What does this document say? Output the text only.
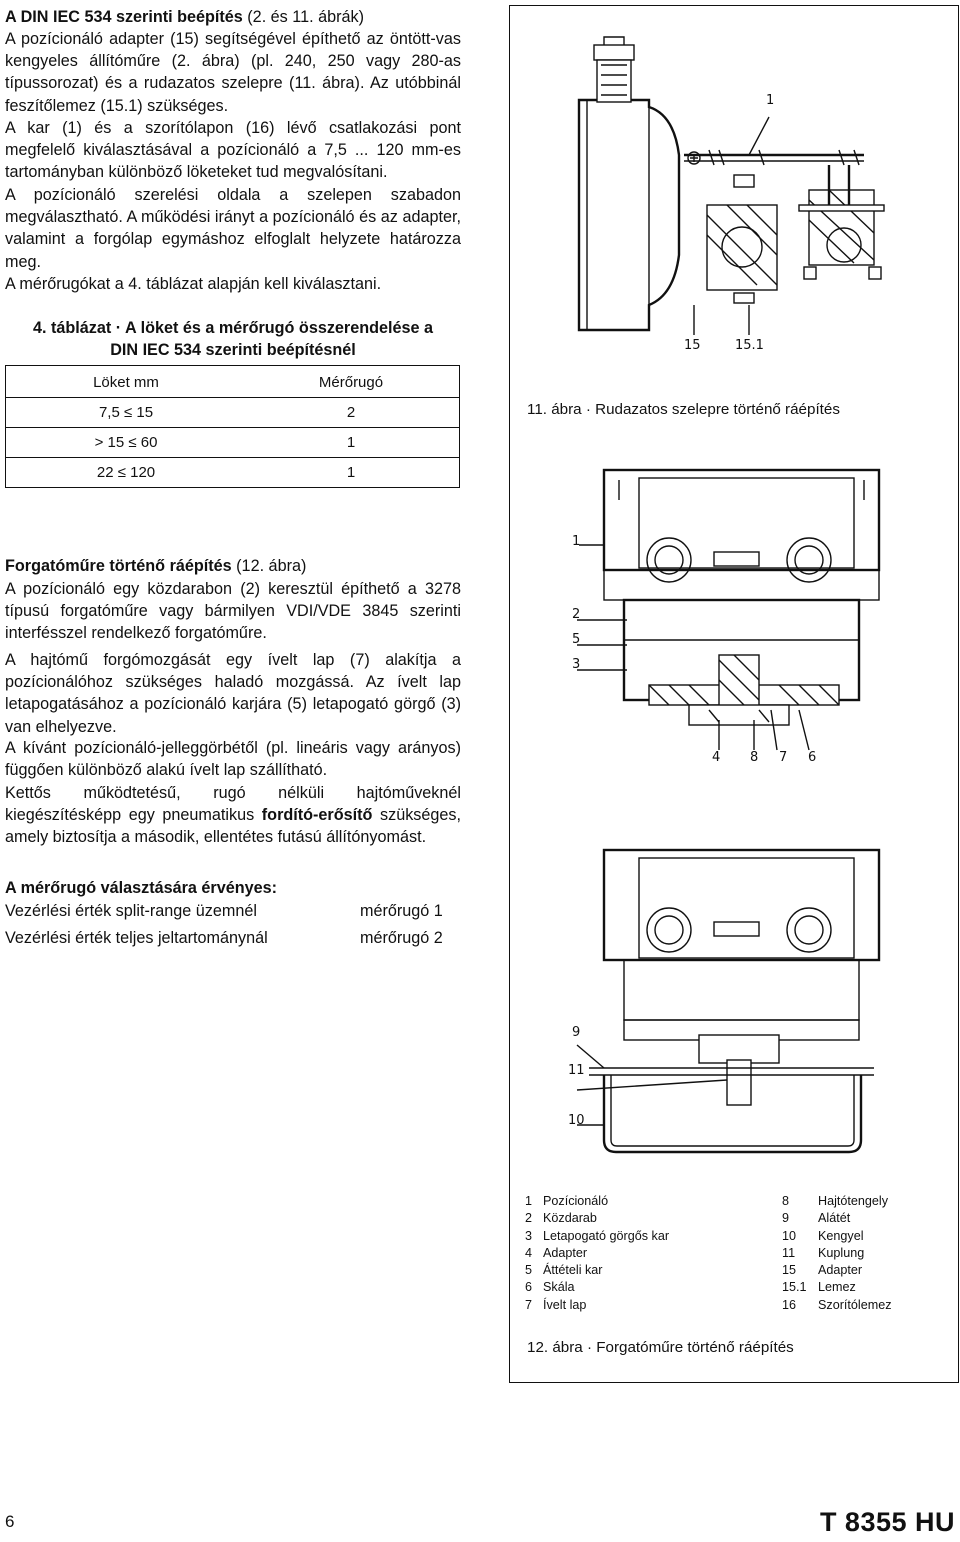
A DIN IEC 534 szerinti beépítés (2. és 11. ábrák)

A pozícionáló adapter (15) segítségével építhető az öntött-vas kengyeles állítóműre (2. ábra) (pl. 240, 250 vagy 280-as típussorozat) és a rudazatos szelepre (11. ábra). Az utóbbinál feszítőlemez (15.1) szükséges.

A kar (1) és a szorítólapon (16) lévő csatlakozási pont megfelelő kiválasztásával a pozícionáló a 7,5 ... 120 mm-es tartományban különböző löketeket tud megvalósítani.

A pozícionáló szerelési oldala a szelepen szabadon megválasztható. A működési irányt a pozícionáló és az adapter, valamint a forgólap egymáshoz elfoglalt helyzete határozza meg.

A mérőrugókat a 4. táblázat alapján kell kiválasztani.

4. táblázat · A löket és a mérőrugó összerendelése a
DIN IEC 534 szerinti beépítésnél
Löket mm	Mérőrugó
7,5 ≤ 15	2
> 15 ≤ 60	1
22 ≤ 120	1

Forgatóműre történő ráépítés (12. ábra)

A pozícionáló egy közdarabon (2) keresztül építhető a 3278 típusú forgatóműre vagy bármilyen VDI/VDE 3845 szerinti interfésszel rendelkező forgatóműre.

A hajtómű forgómozgását egy ívelt lap (7) alakítja a pozícionálóhoz szükséges haladó mozgássá. Az ívelt lap letapogatásához a pozícionáló karjára (5) letapogató görgő (3) van elhelyezve.

A kívánt pozícionáló-jelleggörbétől (pl. lineáris vagy arányos) függően különböző alakú ívelt lap szállítható.

Kettős működtetésű, rugó nélküli hajtóműveknél kiegészítésképp egy pneumatikus fordító-erősítő szükséges, amely biztosítja a második, ellentétes futású állítónyomást.

A mérőrugó választására érvényes:

Vezérlési érték split-range üzemnél	mérőrugó 1
Vezérlési érték teljes jeltartománynál	mérőrugó 2
1
15	15.1
11. ábra · Rudazatos szelepre történő ráépítés
1
2
5
3
4 8 7 6
9
11
10
1 Pozícionáló
2 Közdarab
3 Letapogató görgős kar
4 Adapter
5 Áttételi kar
6 Skála
7 Ívelt lap
8 Hajtótengely
9 Alátét
10 Kengyel
11 Kuplung
15 Adapter
15.1 Lemez
16 Szorítólemez
12. ábra · Forgatóműre történő ráépítés
6	T 8355 HU
